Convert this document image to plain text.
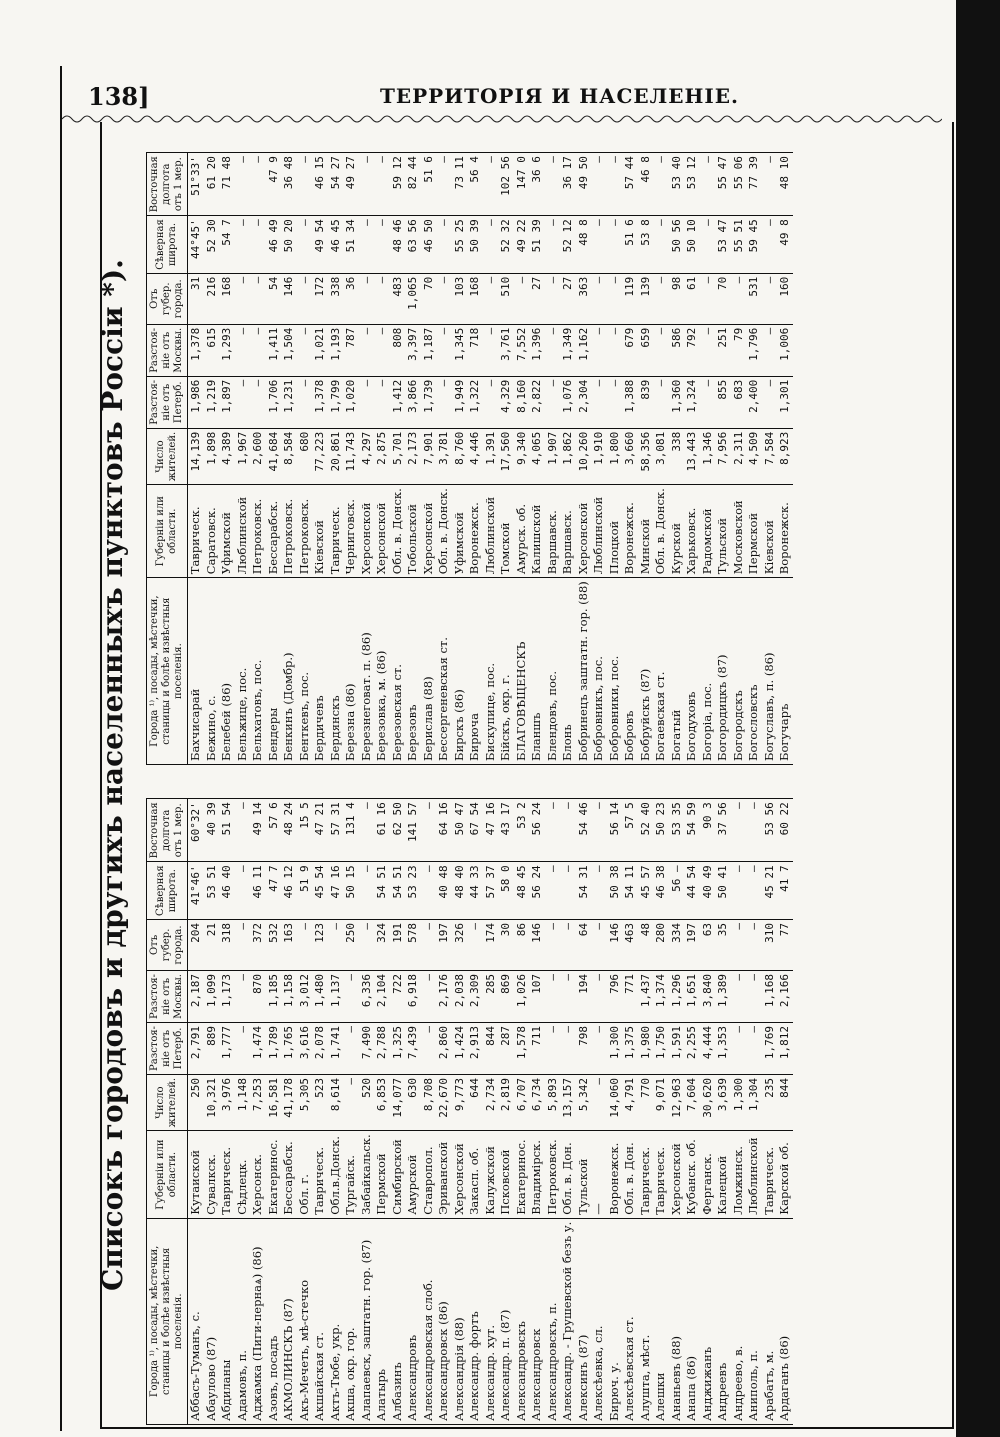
138]	ТЕРРИТОРІЯ И НАСЕЛЕНІЕ.
Списокъ городовъ и другихъ населенныхъ пунктовъ Россіи *).
Города ¹⁾, посады, мѣстечки, станицы и болѣе извѣстныя поселенія.	Губерніи или области.	Число жителей.	Разстоя-ніе отъ Петерб.	Разстоя-ніе отъ Москвы.	Отъ губер. города.	Сѣверная широта.	Восточная долгота отъ 1 мер.
Аббасъ-Туманъ, с.	Кутаиской	250	2,791	2,187	204	41°46'	60°32'
Абаулово (87)	Сувалкск.	10,321	889	1,099	21	53 51	40 39
Абдиланы	Таврическ.	3,976	1,777	1,173	318	46 40	51 54
Адамовъ, п.	Сѣдлецк.	1,148	—	—	—	—	—
Аджамка (Пиги-пернаѧ) (86)	Херсонск.	7,253	1,474	870	372	46 11	49 14
Азовъ, посадъ	Екатеринос.	16,581	1,789	1,185	532	47 7	57 6
АКМОЛИНСКЪ (87)	Бессарабск.	41,178	1,765	1,158	163	46 12	48 24
Акъ-Мечеть, мѣ-стечко	Обл. г.	5,305	3,616	3,012	—	51 9	15 5
Акшайская ст.	Таврическ.	523	2,078	1,480	123	45 54	47 21
Актъ-Тюбе, укр.	Обл.в.Донск.	8,614	1,741	1,137	—	47 16	57 31
Акша, окр. гор.	Тургайск.	—	—	—	250	50 15	131 4
Алапаевск, заштатн. гор. (87)	Забайкальск.	520	7,490	6,336	—	—	—
Алатырь	Пермской	6,853	2,788	2,104	324	54 51	61 16
Албазинъ	Симбирской	14,077	1,325	722	191	54 51	62 50
Александровъ	Амурской	630	7,439	6,918	578	53 23	141 57
Александровская слоб.	Ставропол.	8,708	—	—	—	—	—
Александровск (86)	Эриванской	22,670	2,860	2,176	197	40 48	64 16
Александрія (88)	Херсонской	9,773	1,424	2,038	326	48 40	50 47
Александр. фортъ	Закасп. об.	644	2,913	2,309	—	44 33	67 54
Александр. хут.	Калужской	2,734	844	285	174	57 37	47 16
Александр. п. (87)	Псковской	2,819	287	869	30	58 0	43 17
Александровскъ	Екатеринос.	6,707	1,578	1,026	86	48 45	53 2
Александровск	Владимірск.	6,734	711	107	146	56 24	56 24
Александровскъ, п.	Петроковск.	5,893	—	—	—	—	—
Александр. - Грушевской безъ у.	Обл. в. Дон.	13,157	—	—	—	—	—
Алексинъ (87)	Тульской	5,342	798	194	64	54 31	54 46
Алексѣевка, сл.	—	—	—	—	—	—	—
Бирюч. у.	Воронежск.	14,060	1,300	796	146	50 38	56 14
Алексѣевская ст.	Обл. в. Дон.	4,791	1,375	771	463	54 11	57 5
Алушта, мѣст.	Таврическ.	770	1,980	1,437	48	45 57	52 40
Алешки	Таврическ.	9,071	1,750	1,374	280	46 38	50 23
Ананьевъ (88)	Херсонской	12,963	1,591	1,296	334	56 —	53 35
Анапа (86)	Кубанск. об.	7,604	2,255	1,651	197	44 54	54 59
Анджижанъ	Ферганск.	30,620	4,444	3,840	63	40 49	90 3
Андреевъ	Калецкой	3,639	1,353	1,389	35	50 41	37 56
Андреево, в.	Ломжинск.	1,300	—	—	—	—	—
Аниполь, п.	Люблинской	1,304	—	—	—	—	—
Арабатъ, м.	Таврическ.	235	1,769	1,168	310	45 21	53 56
Ардаганъ (86)	Карской об.	844	1,812	2,166	77	41 7	60 22
Города ¹⁾, посады, мѣстечки, станицы и болѣе извѣстныя поселенія.	Губерніи или области.	Число жителей.	Разстоя-ніе отъ Петерб.	Разстоя-ніе отъ Москвы.	Отъ губер. города.	Сѣверная широта.	Восточная долгота отъ 1 мер.
Бахчисарай	Таврическ.	14,139	1,986	1,378	31	44°45'	51°33'
Бежино, с.	Саратовск.	1,898	1,219	615	216	52 30	61 20
Белебей (86)	Уфимской	4,389	1,897	1,293	168	54 7	71 48
Бельжице, пос.	Люблинской	1,967	—	—	—	—	—
Бельхатовъ, пос.	Петроковск.	2,600	—	—	—	—	—
Бендеры	Бессарабск.	41,684	1,706	1,411	54	46 49	47 9
Бенкинъ (Домбр.)	Петроковск.	8,584	1,231	1,504	146	50 20	36 48
Бенткевъ, пос.	Петроковск.	680	—	—	—	—	—
Бердичевъ	Кіевской	77,223	1,378	1,021	172	49 54	46 15
Бердянскъ	Таврическ.	20,861	1,799	1,193	338	46 45	54 27
Березна (86)	Черниговск.	11,743	1,020	787	36	51 34	49 27
Березнеговат. п. (86)	Херсонской	4,297	—	—	—	—	—
Березовка, м. (86)	Херсонской	2,875	—	—	—	—	—
Березовская ст.	Обл. в. Донск.	5,701	1,412	808	483	48 46	59 12
Березовъ	Тобольской	2,173	3,866	3,397	1,065	63 56	82 44
Берислав (88)	Херсонской	7,901	1,739	1,187	70	46 50	51 6
Бессергеневская ст.	Обл. в. Донск.	3,781	—	—	—	—	—
Бирскъ (86)	Уфимской	8,760	1,949	1,345	103	55 25	73 11
Бирюча	Воронежск.	4,446	1,322	718	168	50 39	56 4
Бискупице, пос.	Люблинской	1,391	—	—	—	—	—
Бійскъ, окр. г.	Томской	17,560	4,329	3,761	510	52 32	102 56
БЛАГОВѢЩЕНСКЪ	Амурск. об.	9,340	8,160	7,552	—	49 22	147 0
Бланшъ	Калишской	4,065	2,822	1,396	27	51 39	36 6
Блендовъ, пос.	Варшавск.	1,907	—	—	—	—	—
Блонь	Варшавск.	1,862	1,076	1,349	27	52 12	36 17
Бобринецъ заштатн. гор. (88)	Херсонской	10,260	2,304	1,162	363	48 8	49 50
Бобровникъ, пос.	Люблинской	1,910	—	—	—	—	—
Бобровники, пос.	Плоцкой	1,800	—	—	—	—	—
Бобровъ	Воронежск.	3,660	1,388	679	119	51 6	57 44
Бобруйскъ (87)	Минской	58,356	839	659	139	53 8	46 8
Богаевская ст.	Обл. в. Донск.	3,081	—	—	—	—	—
Богатый	Курской	338	1,360	586	98	50 56	53 40
Богодуховъ	Харьковск.	13,443	1,324	792	61	50 10	53 12
Богоріа, пос.	Радомской	1,346	—	—	—	—	—
Богородицкъ (87)	Тульской	7,956	855	251	70	53 47	55 47
Богородскъ	Московской	2,311	683	79	—	55 51	55 06
Богословскъ	Пермской	4,509	2,400	1,796	531	59 45	77 39
Богуславъ, п. (86)	Кіевской	7,584	—	—	—	—	—
Богучаръ	Воронежск.	8,923	1,301	1,006	160	49 8	48 10
